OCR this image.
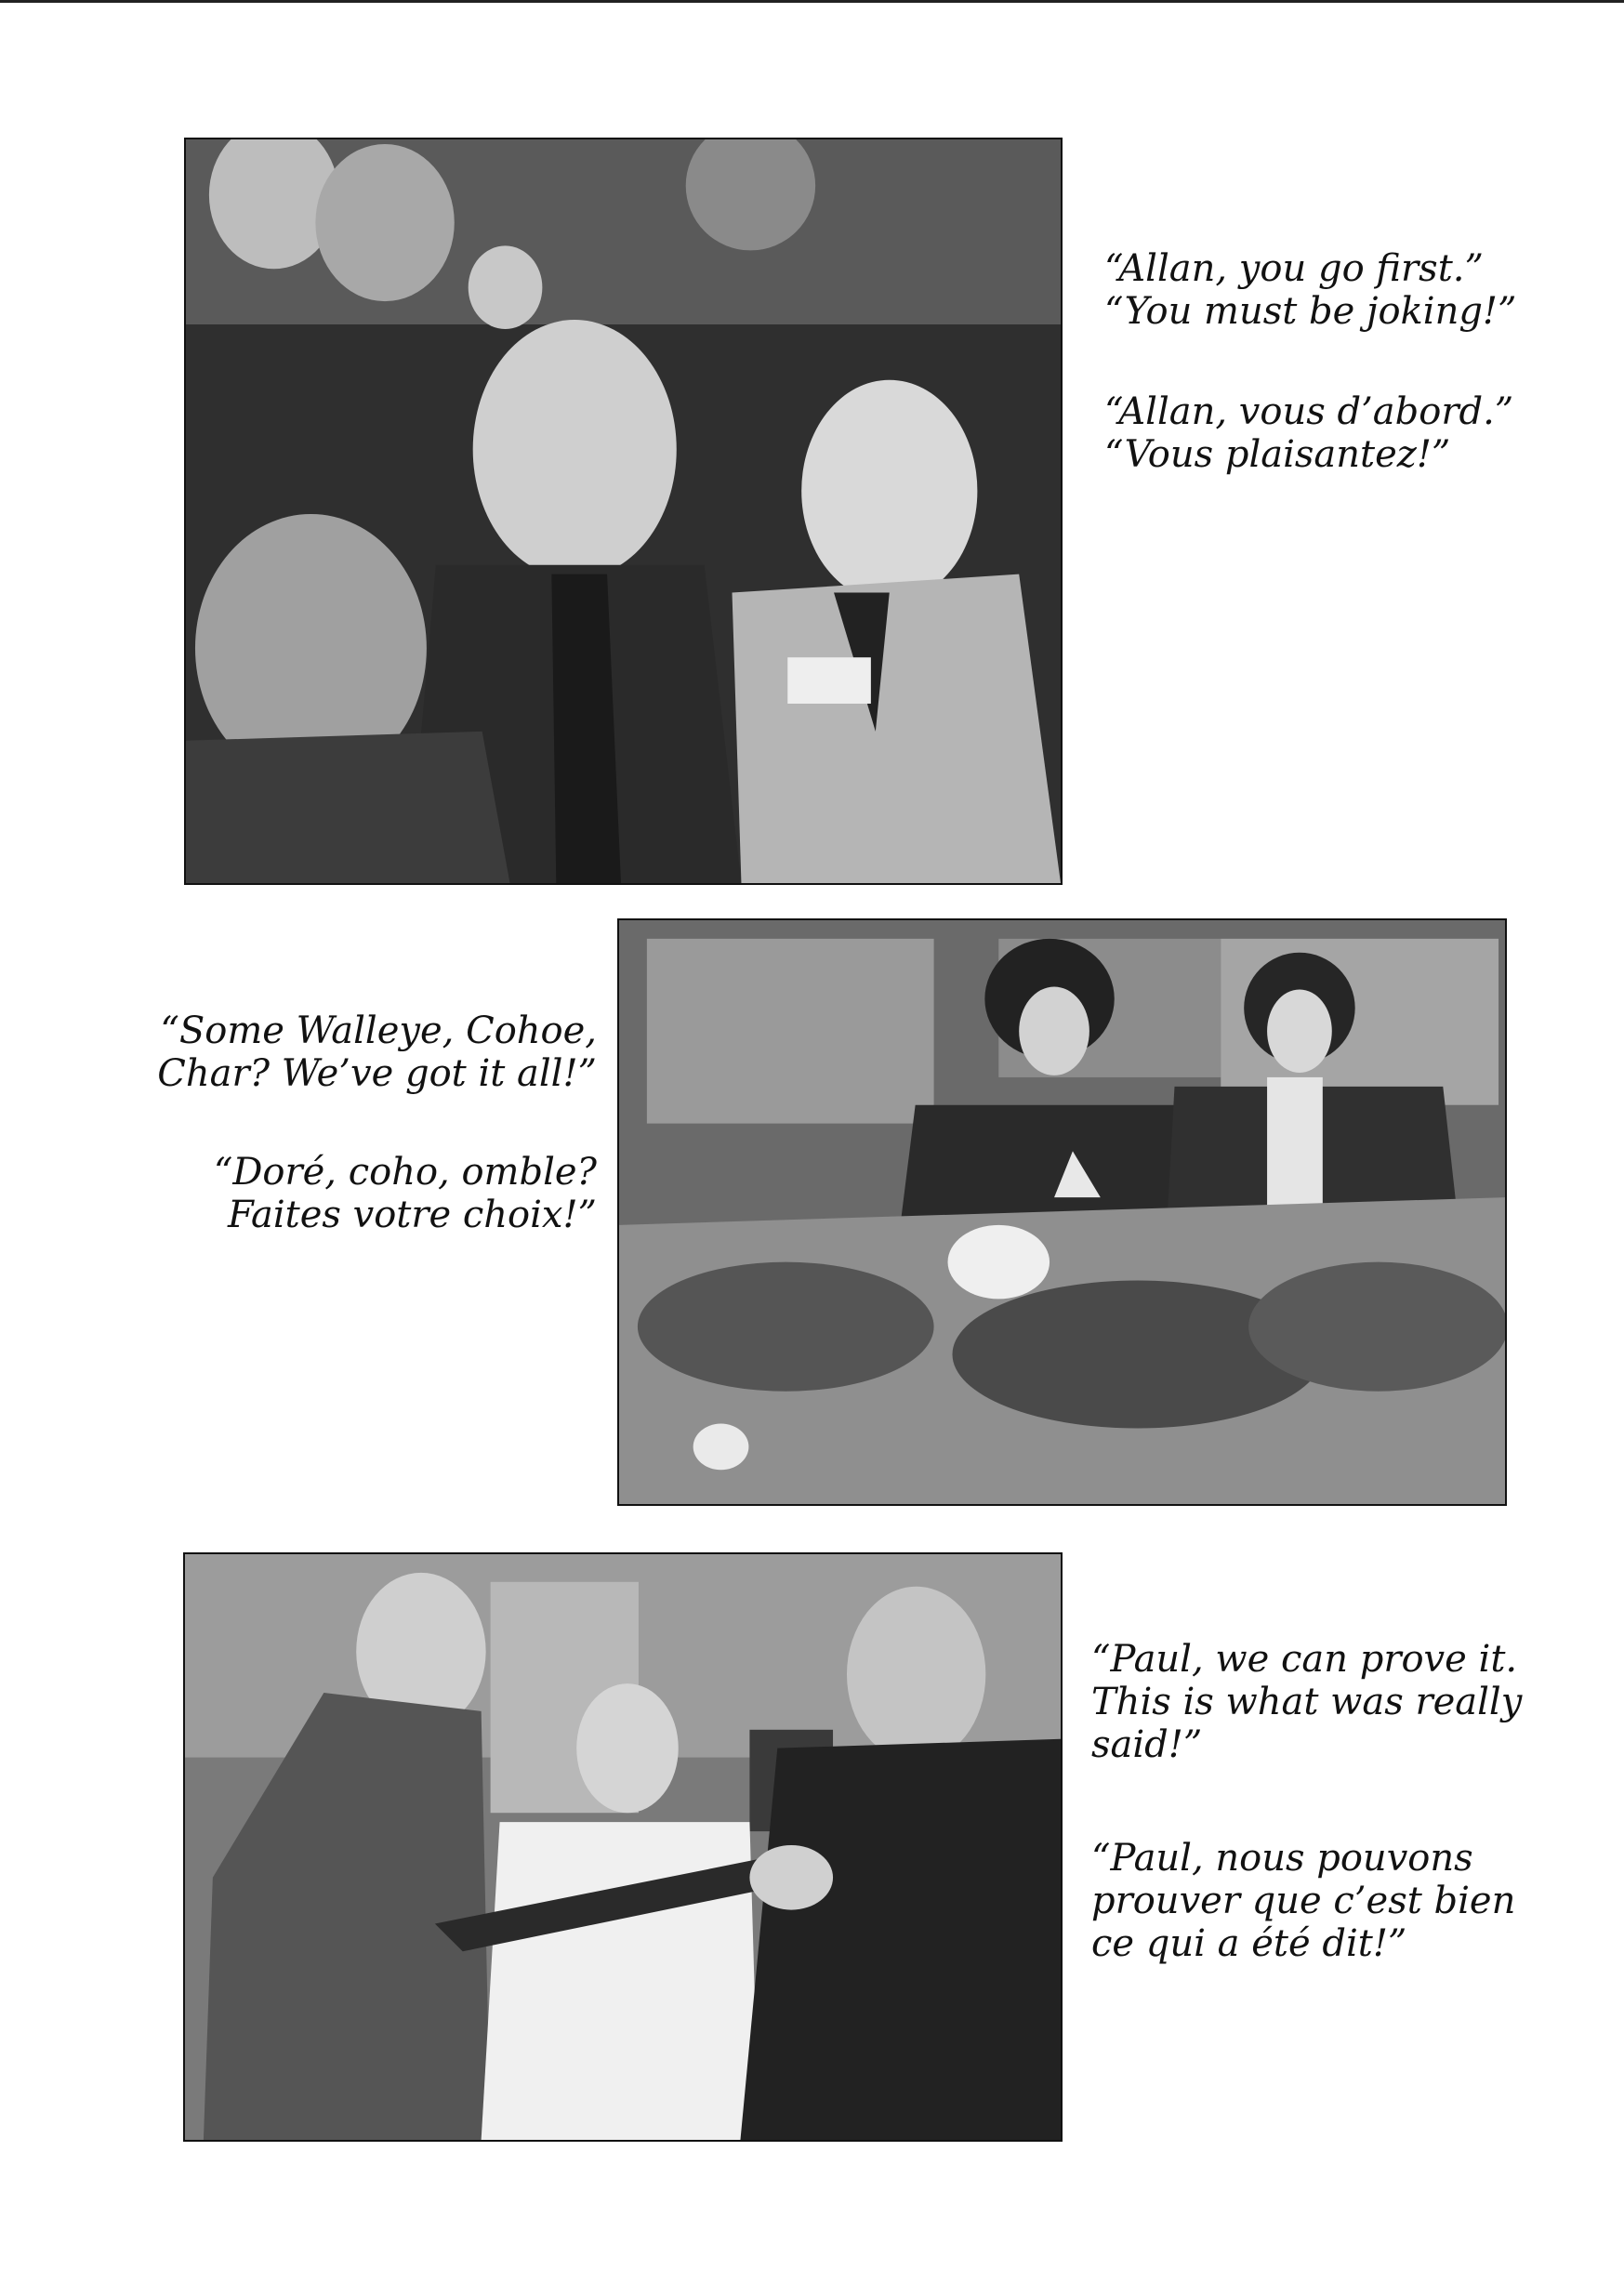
“Allan, you go first.”

“You must be joking!”

“Allan, vous d’abord.”

“Vous plaisantez!”

“Some Walleye, Cohoe,

Char? We’ve got it all!”

“Doré, coho, omble?

Faites votre choix!”

“Paul, we can prove it.

This is what was really

said!”

“Paul, nous pouvons

prouver que c’est bien

ce qui a été dit!”
